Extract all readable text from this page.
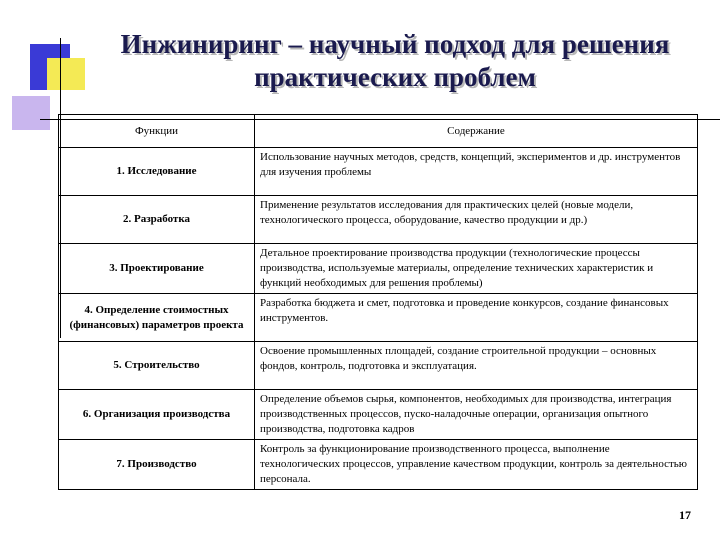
Инжиниринг – научный подход для решения практических проблем
Функции	Содержание
1. Исследование	Использование научных методов, средств, концепций, экспериментов и др. инструментов для изучения проблемы
2. Разработка	Применение результатов исследования для практических целей (новые модели, технологического процесса, оборудование, качество продукции и др.)
3. Проектирование	Детальное проектирование производства продукции (технологические процессы производства, используемые материалы, определение технических характеристик и функций необходимых для решения проблемы)
4. Определение стоимостных (финансовых) параметров проекта	Разработка бюджета и смет, подготовка и проведение конкурсов, создание финансовых инструментов.
5. Строительство	Освоение промышленных площадей, создание строительной продукции – основных фондов, контроль, подготовка и эксплуатация.
6. Организация производства	Определение объемов сырья, компонентов, необходимых для производства, интеграция производственных процессов, пуско-наладочные операции, организация опытного производства, подготовка кадров
7. Производство	Контроль за функционирование производственного процесса, выполнение технологических процессов, управление качеством продукции, контроль за деятельностью персонала.
17
